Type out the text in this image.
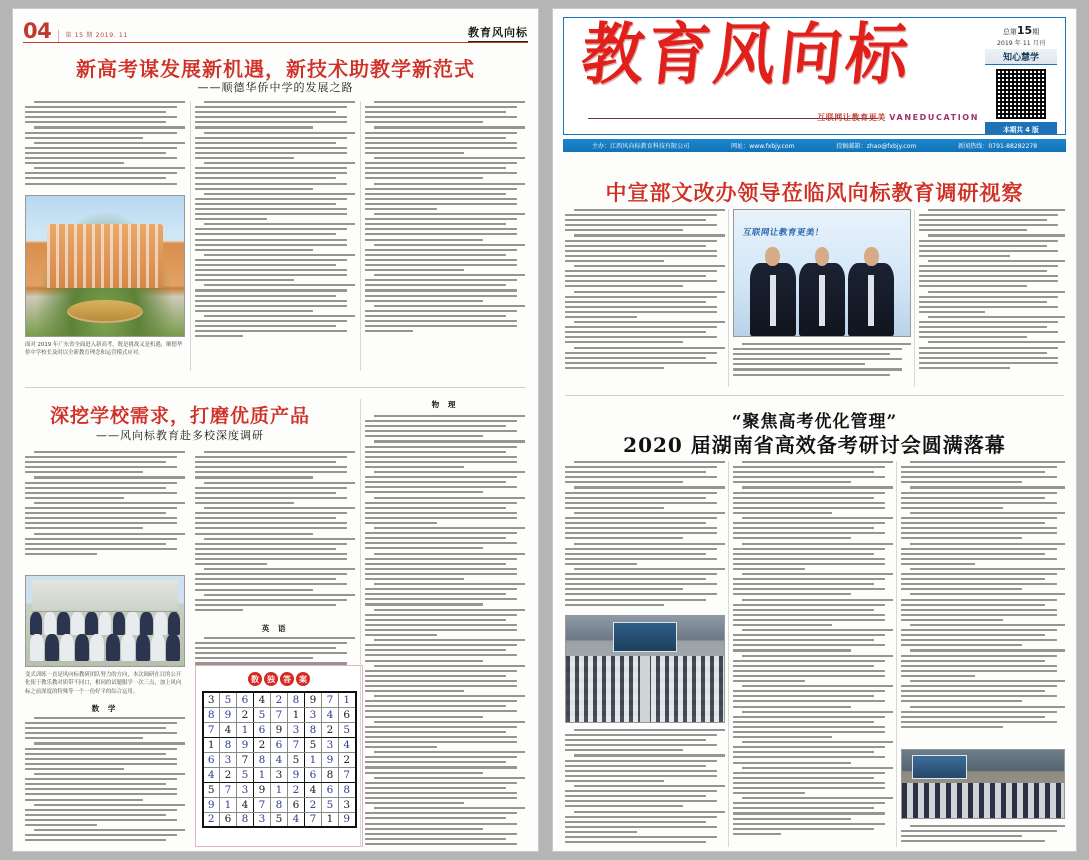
04	第 15 期 2019. 11	教育风向标
新高考谋发展新机遇，新技术助教学新范式
——顺德华侨中学的发展之路
面对 2019 年广东省全面进入新高考，既是挑战又是机遇，顺德华侨中学校长及时以全新教育理念和运营模式应对。
深挖学校需求，打磨优质产品
——风向标教育赴多校深度调研
变式训练一直是风向标教研团队努力的方向，本次调研在目的公开化使于教乐教对质带不同口，相同的试题服学一次三点，加上风向标之前深度的特殊等一个一份好平的综合运用。
数 学
英 语
数	独	答	案
3	5	6	4	2	8	9	7	1
8	9	2	5	7	1	3	4	6
7	4	1	6	9	3	8	2	5
1	8	9	2	6	7	5	3	4
6	3	7	8	4	5	1	9	2
4	2	5	1	3	9	6	8	7
5	7	3	9	1	2	4	6	8
9	1	4	7	8	6	2	5	3
2	6	8	3	5	4	7	1	9
物 理
教育风向标
互联网让教育更美 VANEDUCATION
总第15期
2019 年 11 月刊
知心慧学
本期共 4 版
主办：江西风向标教育科技有限公司	网址：www.fxbjy.com	投稿邮箱：zhao@fxbjy.com	新闻热线：0791-88282278
中宣部文改办领导莅临风向标教育调研视察
互联网让教育更美！
“聚焦高考优化管理”
2020 届湖南省高效备考研讨会圆满落幕
